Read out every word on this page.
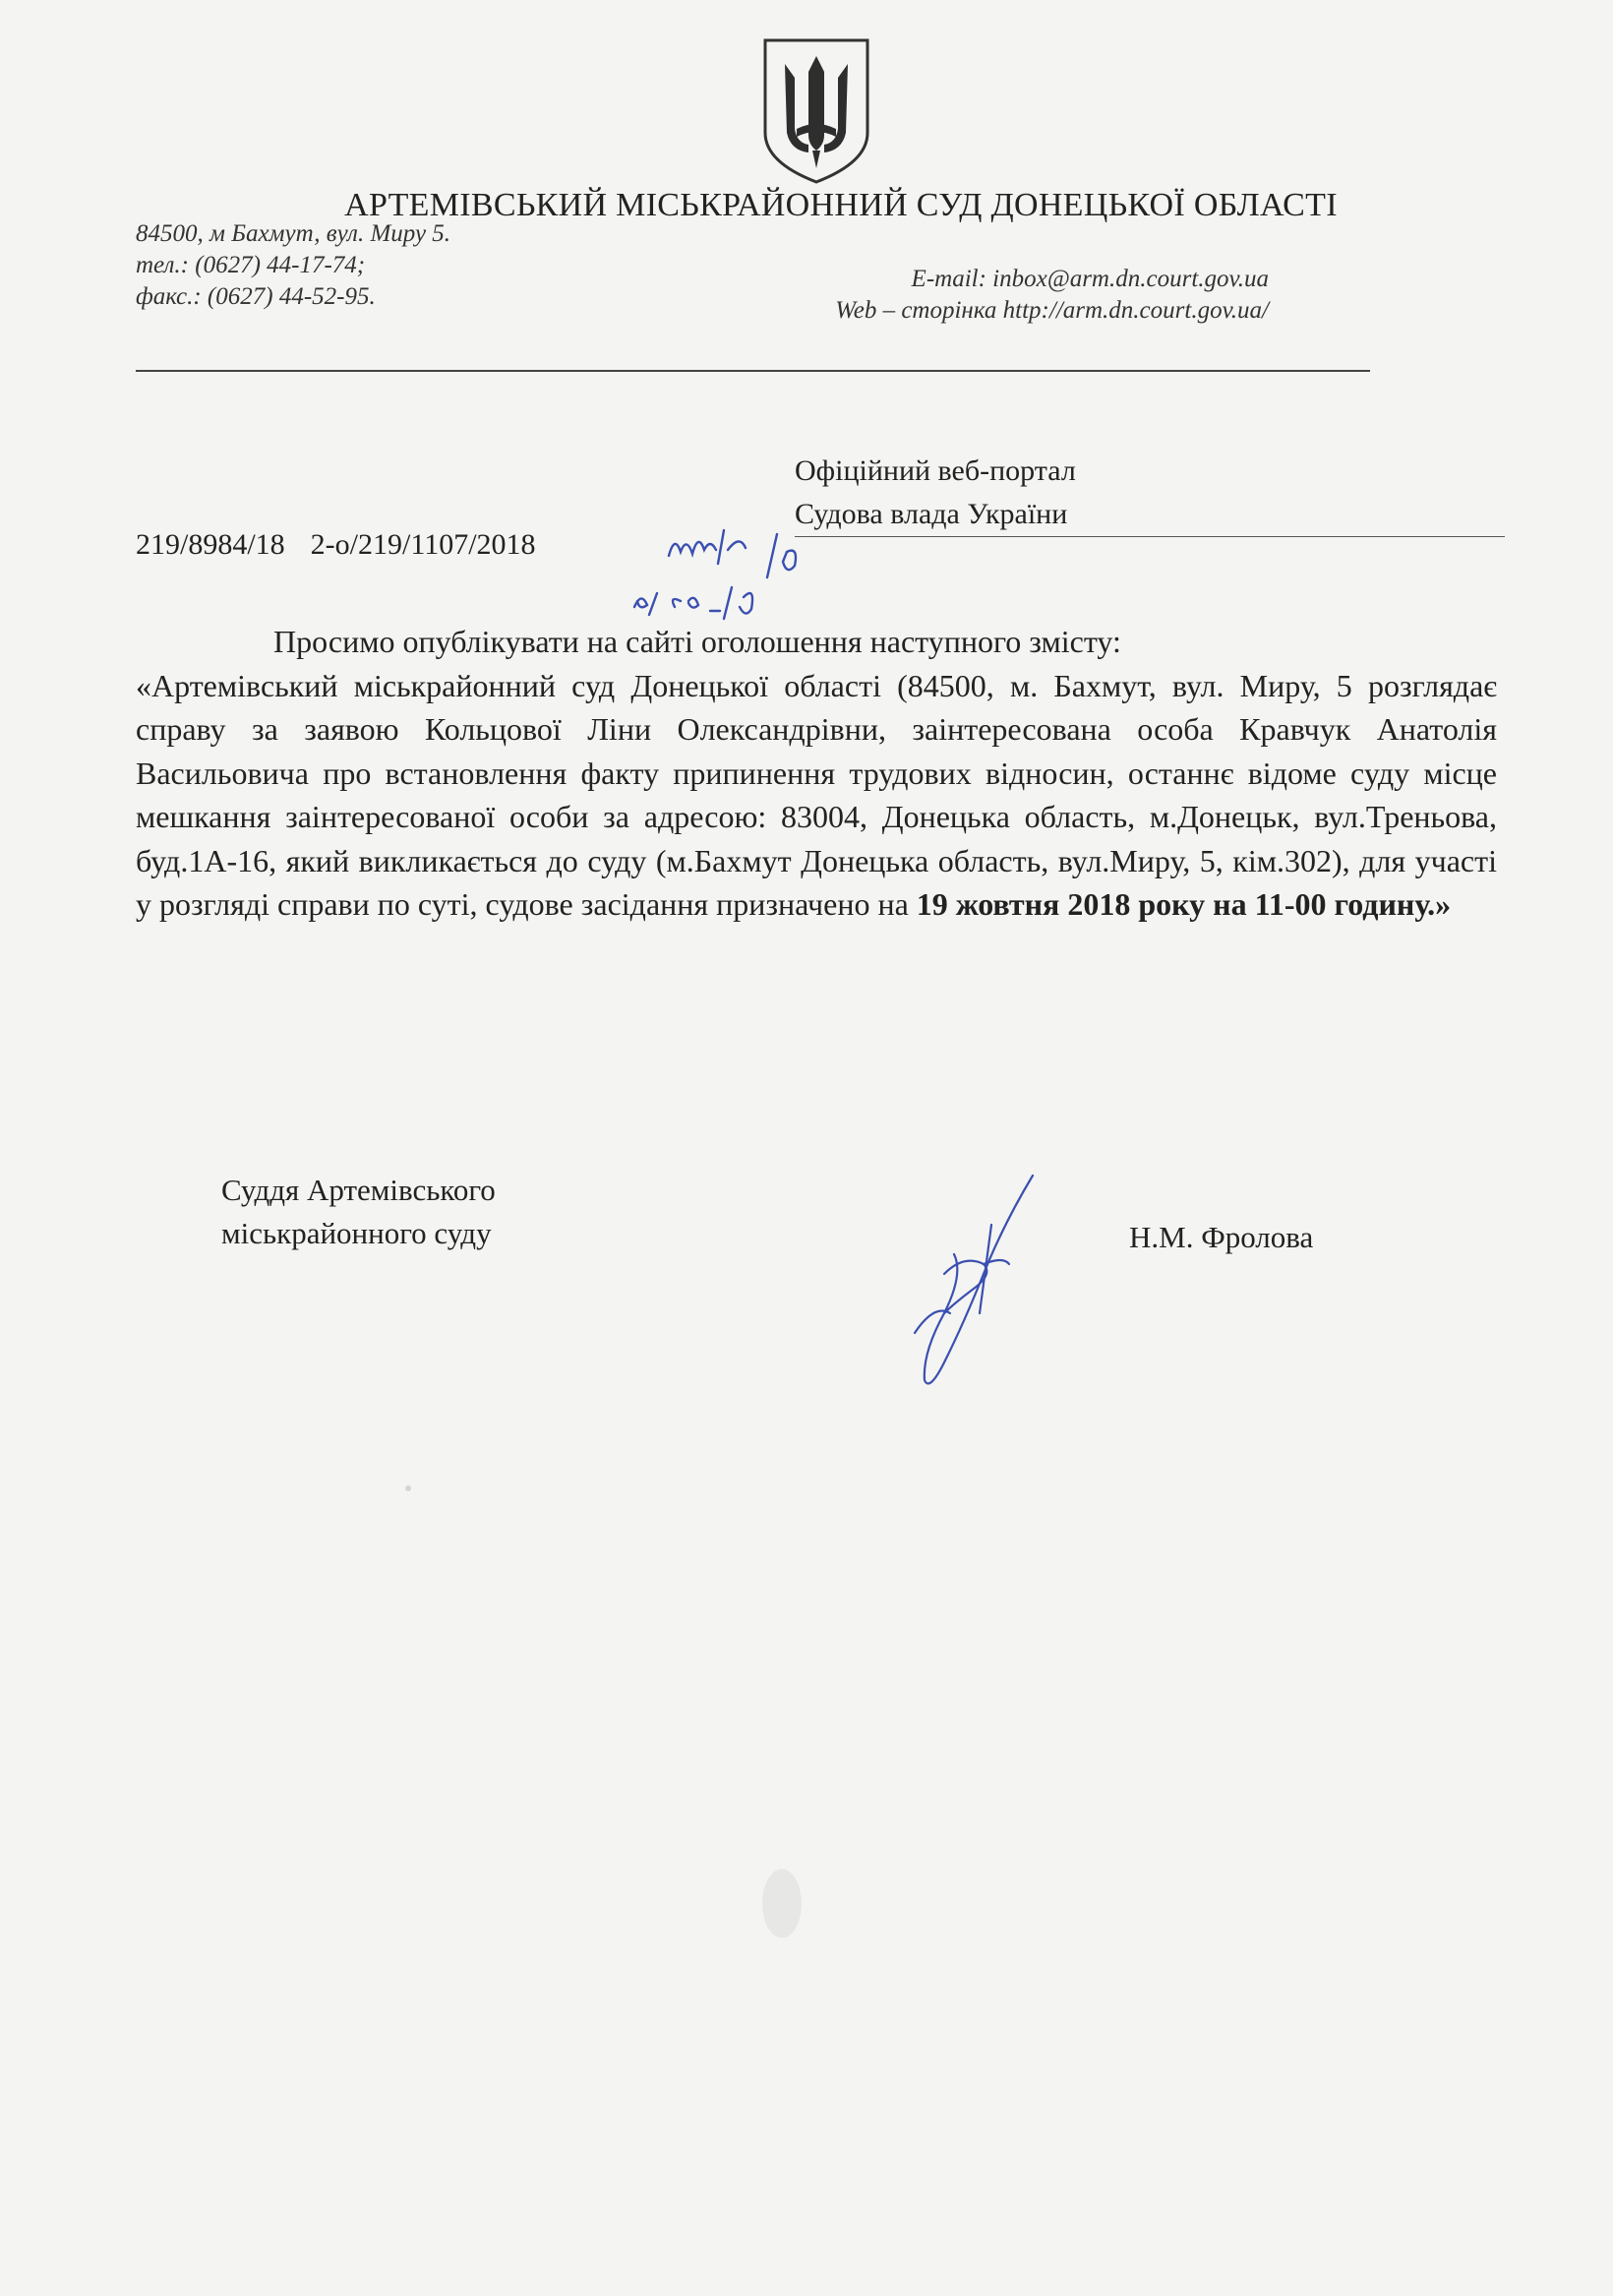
АРТЕМІВСЬКИЙ МІСЬКРАЙОННИЙ СУД ДОНЕЦЬКОЇ ОБЛАСТІ
84500, м Бахмут, вул. Миру 5.
тел.: (0627) 44-17-74;
факс.: (0627) 44-52-95.
E-mail: inbox@arm.dn.court.gov.ua
Web – сторінка http://arm.dn.court.gov.ua/
Офіційний веб-портал
Судова влада України
219/8984/18 2-о/219/1107/2018
Просимо опублікувати на сайті оголошення наступного змісту:
«Артемівський міськрайонний суд Донецької області (84500, м. Бахмут, вул. Миру, 5 розглядає справу за заявою Кольцової Ліни Олександрівни, заінтересована особа Кравчук Анатолія Васильовича про встановлення факту припинення трудових відносин, останнє відоме суду місце мешкання заінтересованої особи за адресою: 83004, Донецька область, м.Донецьк, вул.Треньова, буд.1А-16, який викликається до суду (м.Бахмут Донецька область, вул.Миру, 5, кім.302), для участі у розгляді справи по суті, судове засідання призначено на 19 жовтня 2018 року на 11-00 годину.»
Суддя Артемівського
міськрайонного суду	Н.М. Фролова
